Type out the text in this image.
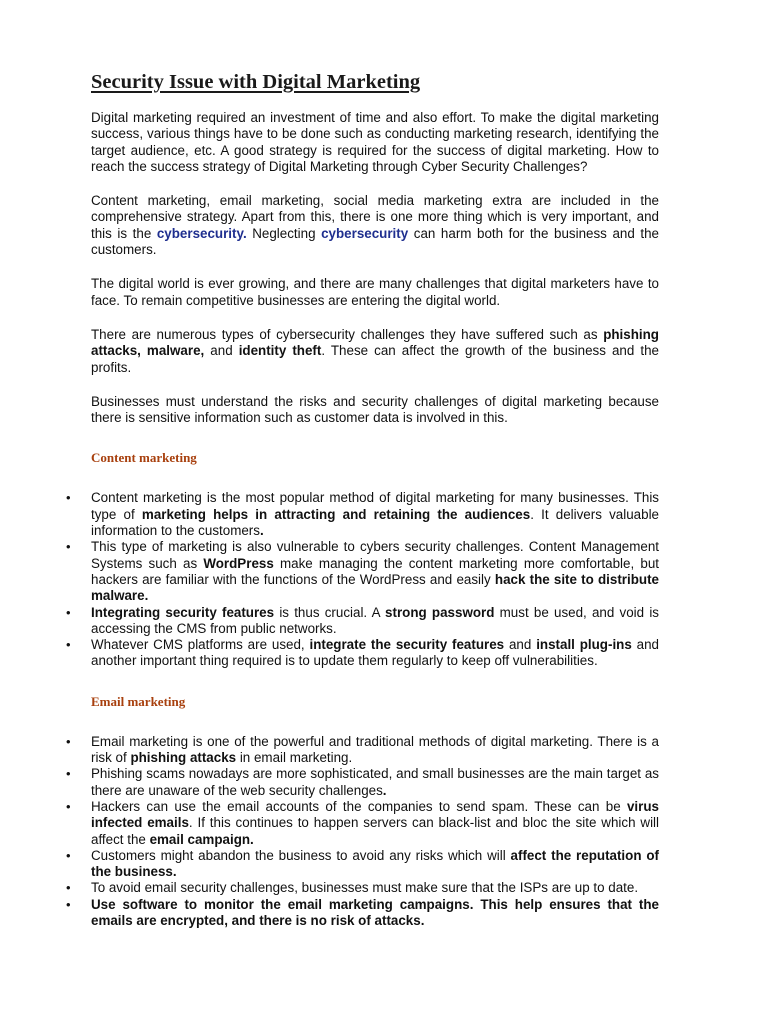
Security Issue with Digital Marketing

Digital marketing required an investment of time and also effort. To make the digital marketing success, various things have to be done such as conducting marketing research, identifying the target audience, etc. A good strategy is required for the success of digital marketing. How to reach the success strategy of Digital Marketing through Cyber Security Challenges?

Content marketing, email marketing, social media marketing extra are included in the comprehensive strategy. Apart from this, there is one more thing which is very important, and this is the cybersecurity. Neglecting cybersecurity can harm both for the business and the customers.

The digital world is ever growing, and there are many challenges that digital marketers have to face. To remain competitive businesses are entering the digital world.

There are numerous types of cybersecurity challenges they have suffered such as phishing attacks, malware, and identity theft. These can affect the growth of the business and the profits.

Businesses must understand the risks and security challenges of digital marketing because there is sensitive information such as customer data is involved in this.

Content marketing
• Content marketing is the most popular method of digital marketing for many businesses. This type of marketing helps in attracting and retaining the audiences. It delivers valuable information to the customers.
• This type of marketing is also vulnerable to cybers security challenges. Content Management Systems such as WordPress make managing the content marketing more comfortable, but hackers are familiar with the functions of the WordPress and easily hack the site to distribute malware.
• Integrating security features is thus crucial. A strong password must be used, and void is accessing the CMS from public networks.
• Whatever CMS platforms are used, integrate the security features and install plug-ins and another important thing required is to update them regularly to keep off vulnerabilities.
Email marketing
• Email marketing is one of the powerful and traditional methods of digital marketing. There is a risk of phishing attacks in email marketing.
• Phishing scams nowadays are more sophisticated, and small businesses are the main target as there are unaware of the web security challenges.
• Hackers can use the email accounts of the companies to send spam. These can be virus infected emails. If this continues to happen servers can black-list and bloc the site which will affect the email campaign.
• Customers might abandon the business to avoid any risks which will affect the reputation of the business.
• To avoid email security challenges, businesses must make sure that the ISPs are up to date.
• Use software to monitor the email marketing campaigns. This help ensures that the emails are encrypted, and there is no risk of attacks.
